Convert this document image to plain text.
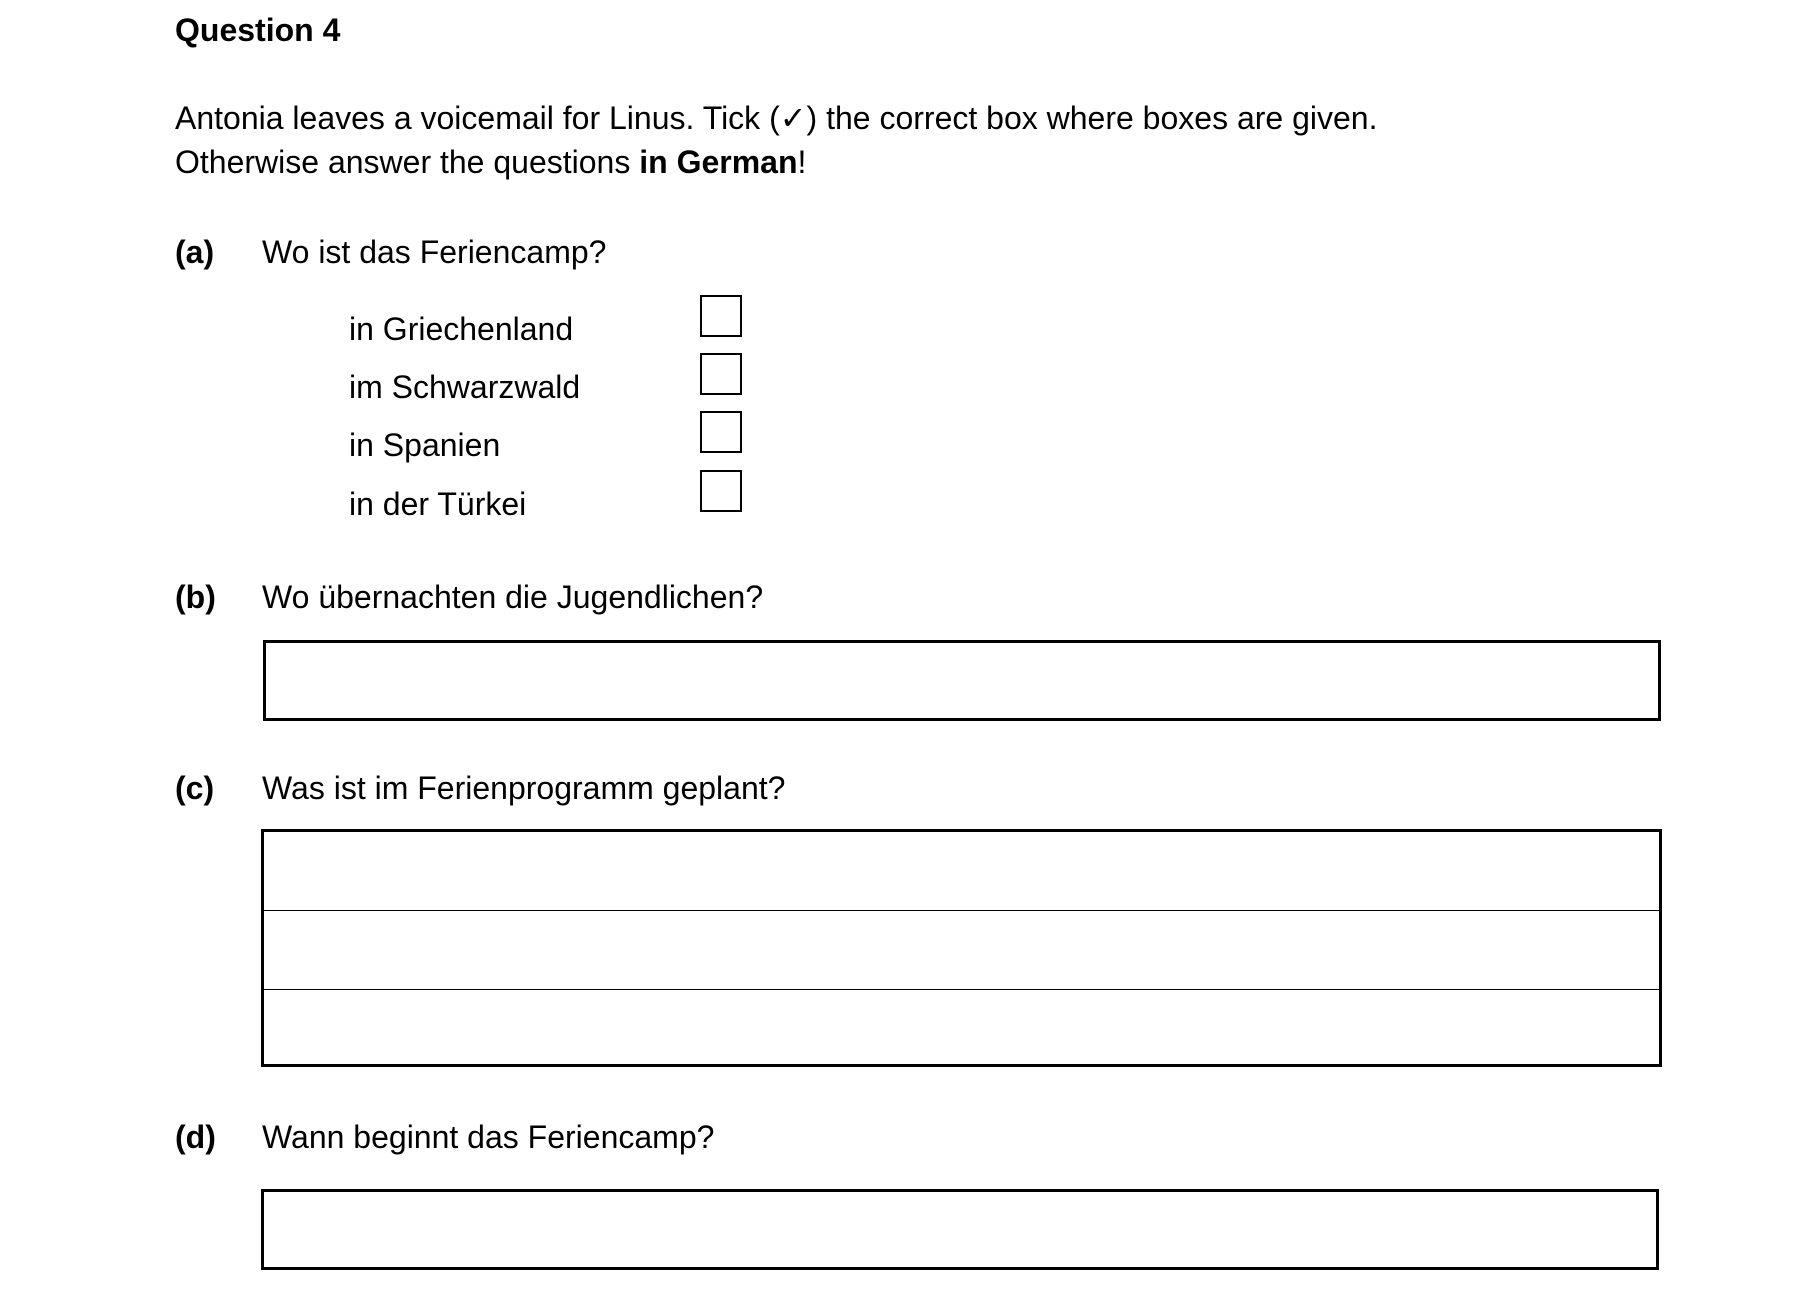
Question 4
Antonia leaves a voicemail for Linus. Tick (✓) the correct box where boxes are given.
Otherwise answer the questions in German!
(a) Wo ist das Feriencamp?
in Griechenland
im Schwarzwald
in Spanien
in der Türkei
(b) Wo übernachten die Jugendlichen?
(c) Was ist im Ferienprogramm geplant?
(d) Wann beginnt das Feriencamp?
